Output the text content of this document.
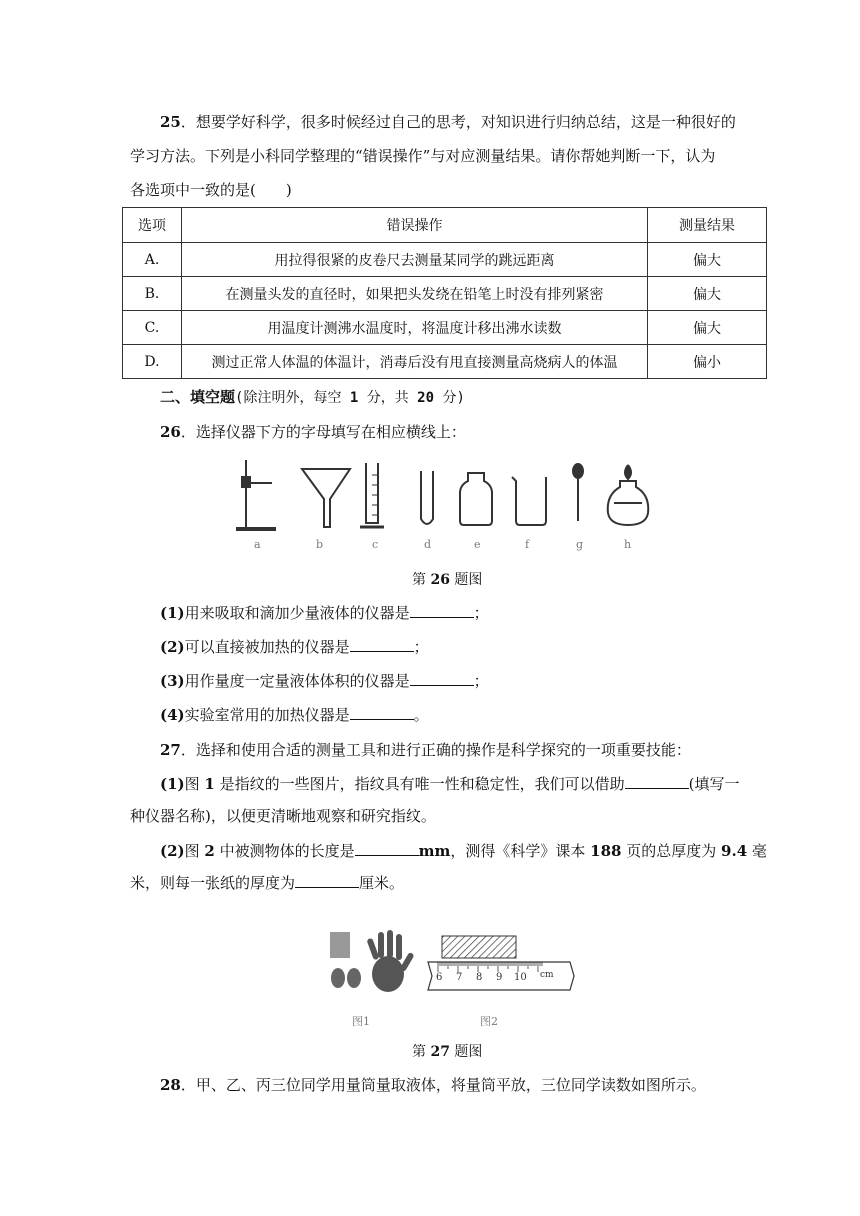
25．想要学好科学，很多时候经过自己的思考，对知识进行归纳总结，这是一种很好的
学习方法。下列是小科同学整理的“错误操作”与对应测量结果。请你帮她判断一下，认为
各选项中一致的是(　　)
选项	错误操作	测量结果
A.	用拉得很紧的皮卷尺去测量某同学的跳远距离	偏大
B.	在测量头发的直径时，如果把头发绕在铅笔上时没有排列紧密	偏大
C.	用温度计测沸水温度时，将温度计移出沸水读数	偏大
D.	测过正常人体温的体温计，消毒后没有甩直接测量高烧病人的体温	偏小
二、填空题(除注明外，每空 1 分，共 20 分)
26．选择仪器下方的字母填写在相应横线上：
a	b	c	d	e	f	g	h
第 26 题图
(1)用来吸取和滴加少量液体的仪器是	；
(2)可以直接被加热的仪器是	；
(3)用作量度一定量液体体积的仪器是	；
(4)实验室常用的加热仪器是	。
27．选择和使用合适的测量工具和进行正确的操作是科学探究的一项重要技能：
(1)图 1 是指纹的一些图片，指纹具有唯一性和稳定性，我们可以借助	(填写一
种仪器名称)，以便更清晰地观察和研究指纹。
(2)图 2 中被测物体的长度是	mm，测得《科学》课本 188 页的总厚度为 9.4 毫
米，则每一张纸的厚度为	厘米。
图1
6 7 8 9 10 cm
图2
第 27 题图
28．甲、乙、丙三位同学用量筒量取液体，将量筒平放，三位同学读数如图所示。
